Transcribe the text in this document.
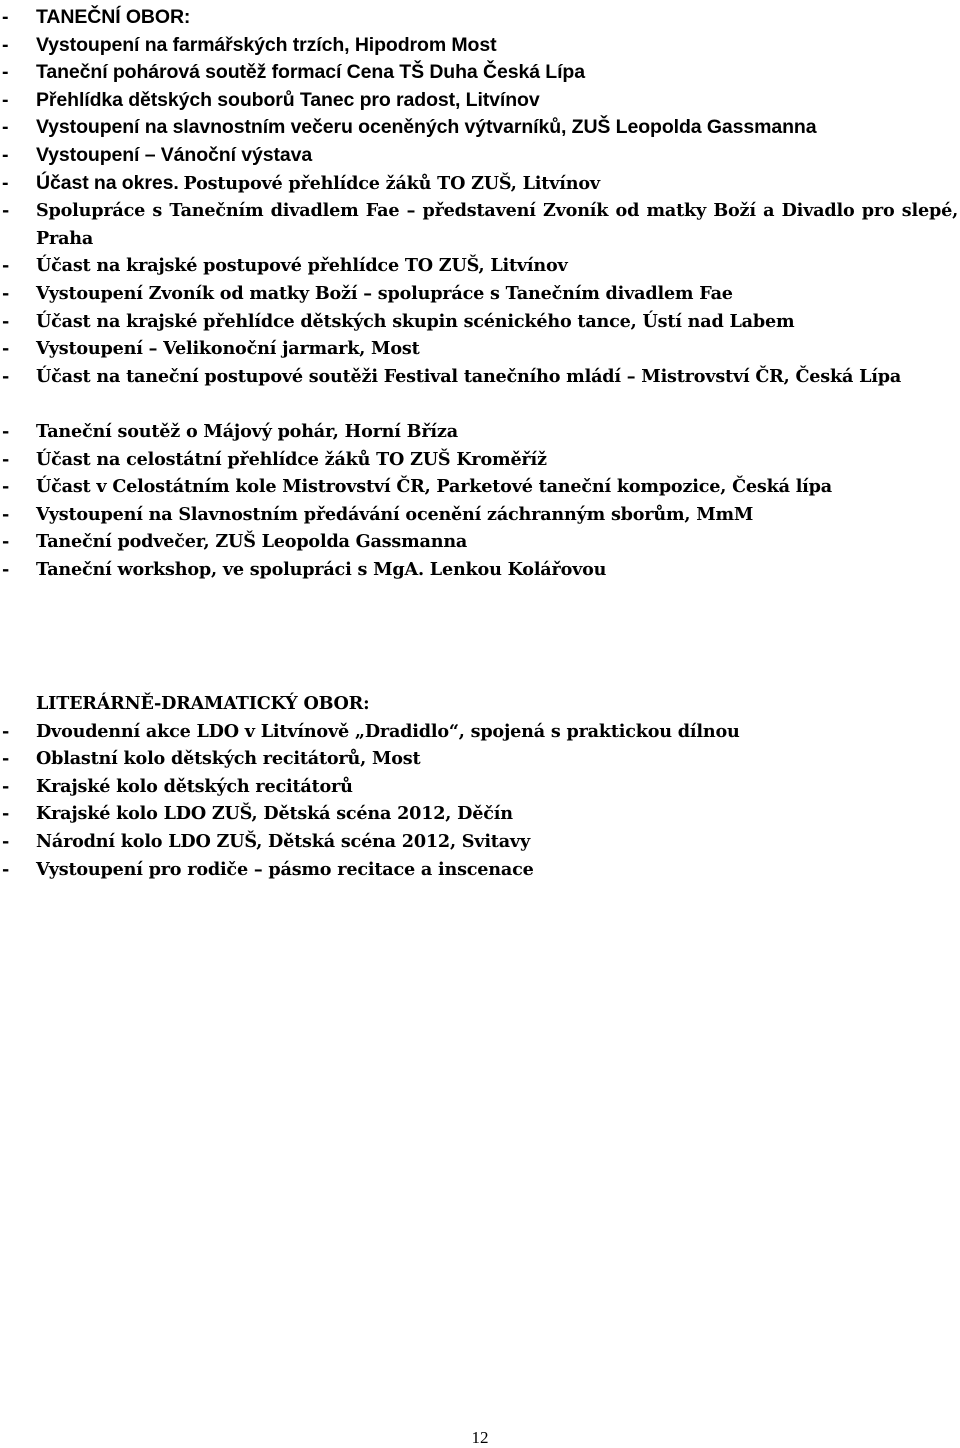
- TANEČNÍ OBOR:
- Vystoupení na farmářských trzích, Hipodrom Most
- Taneční pohárová soutěž formací Cena TŠ Duha Česká Lípa
- Přehlídka dětských souborů Tanec pro radost, Litvínov
- Vystoupení na slavnostním večeru oceněných výtvarníků, ZUŠ Leopolda Gassmanna
- Vystoupení – Vánoční výstava
- Účast na okres. Postupové přehlídce žáků TO ZUŠ, Litvínov
- Spolupráce s Tanečním divadlem Fae – představení Zvoník od matky Boží a Divadlo pro slepé, Praha
- Účast na krajské postupové přehlídce TO ZUŠ, Litvínov
- Vystoupení Zvoník od matky Boží – spolupráce s Tanečním divadlem Fae
- Účast na krajské přehlídce dětských skupin scénického tance, Ústí nad Labem
- Vystoupení – Velikonoční jarmark, Most
- Účast na taneční postupové soutěži Festival tanečního mládí – Mistrovství ČR, Česká Lípa
- Taneční soutěž o Májový pohár, Horní Bříza
- Účast na celostátní přehlídce žáků TO ZUŠ Kroměříž
- Účast v Celostátním kole Mistrovství ČR, Parketové taneční kompozice, Česká lípa
- Vystoupení na Slavnostním předávání ocenění záchranným sborům, MmM
- Taneční podvečer, ZUŠ Leopolda Gassmanna
- Taneční workshop, ve spolupráci s MgA. Lenkou Kolářovou
LITERÁRNĚ-DRAMATICKÝ OBOR:
- Dvoudenní akce LDO v Litvínově „Dradidlo“, spojená s praktickou dílnou
- Oblastní kolo dětských recitátorů, Most
- Krajské kolo dětských recitátorů
- Krajské kolo LDO ZUŠ, Dětská scéna 2012, Děčín
- Národní kolo LDO ZUŠ, Dětská scéna 2012, Svitavy
- Vystoupení pro rodiče – pásmo recitace a inscenace
12
